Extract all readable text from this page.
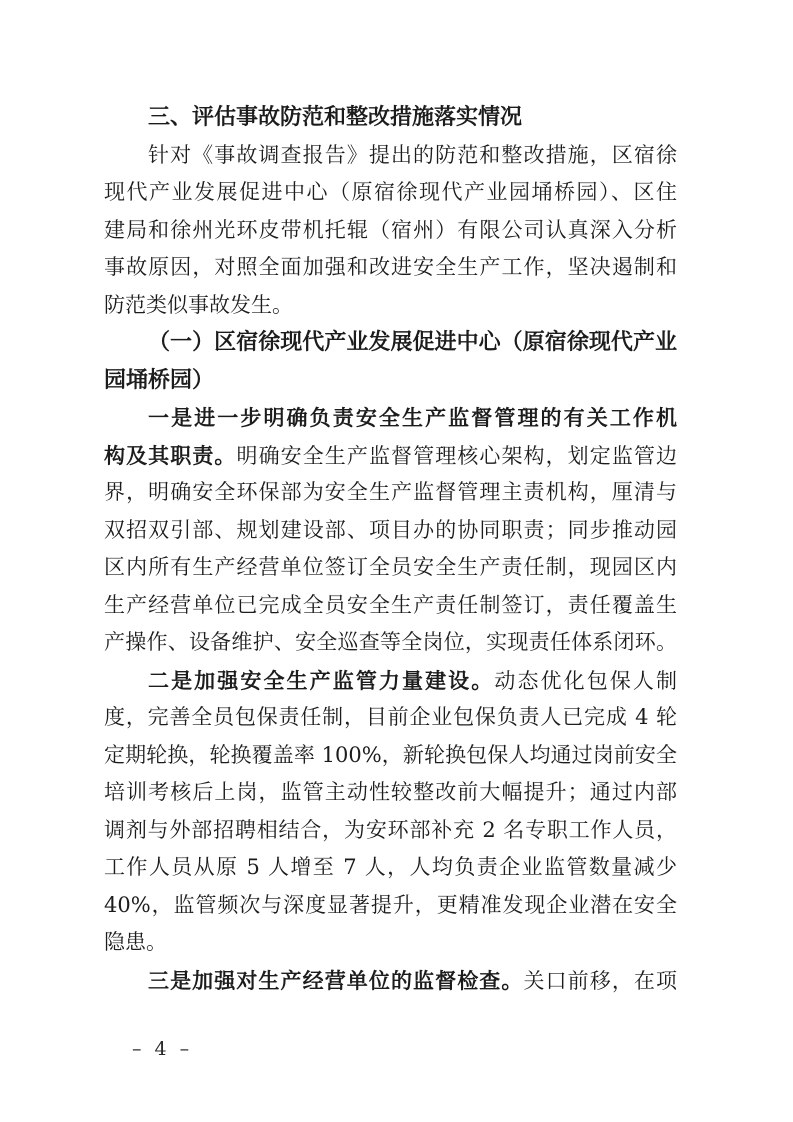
三、评估事故防范和整改措施落实情况
针对《事故调查报告》提出的防范和整改措施，区宿徐
现代产业发展促进中心（原宿徐现代产业园埇桥园）、区住
建局和徐州光环皮带机托辊（宿州）有限公司认真深入分析
事故原因，对照全面加强和改进安全生产工作，坚决遏制和
防范类似事故发生。
（一）区宿徐现代产业发展促进中心（原宿徐现代产业
园埇桥园）
一是进一步明确负责安全生产监督管理的有关工作机
构及其职责。明确安全生产监督管理核心架构，划定监管边
界，明确安全环保部为安全生产监督管理主责机构，厘清与
双招双引部、规划建设部、项目办的协同职责；同步推动园
区内所有生产经营单位签订全员安全生产责任制，现园区内
生产经营单位已完成全员安全生产责任制签订，责任覆盖生
产操作、设备维护、安全巡查等全岗位，实现责任体系闭环。
二是加强安全生产监管力量建设。动态优化包保人制
度，完善全员包保责任制，目前企业包保负责人已完成 4 轮
定期轮换，轮换覆盖率 100%，新轮换包保人均通过岗前安全
培训考核后上岗，监管主动性较整改前大幅提升；通过内部
调剂与外部招聘相结合，为安环部补充 2 名专职工作人员，
工作人员从原 5 人增至 7 人，人均负责企业监管数量减少
40%，监管频次与深度显著提升，更精准发现企业潜在安全
隐患。
三是加强对生产经营单位的监督检查。关口前移，在项
– 4 –
